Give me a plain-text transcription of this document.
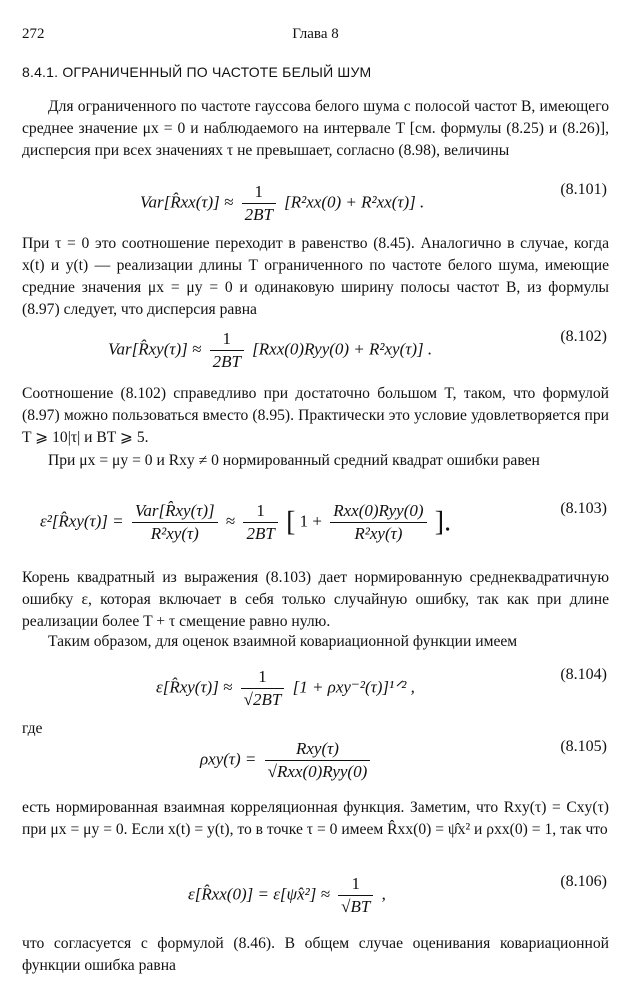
272	Глава 8
8.4.1. ОГРАНИЧЕННЫЙ ПО ЧАСТОТЕ БЕЛЫЙ ШУМ

Для ограниченного по частоте гауссова белого шума с полосой частот B, имеющего среднее значение μx = 0 и наблюдаемого на интервале T [см. формулы (8.25) и (8.26)], дисперсия при всех значениях τ не превышает, согласно (8.98), величины

Var[R̂xx(τ)] ≈ $\frac{1}{2BT} [R^2xx(0) + R^2xx(\tau)]$ .
(8.101)

При τ = 0 это соотношение переходит в равенство (8.45). Аналогично в случае, когда x(t) и y(t) — реализации длины T ограниченного по частоте белого шума, имеющие средние значения μx = μy = 0 и одинаковую ширину полосы частот B, из формулы (8.97) следует, что дисперсия равна

Var[R̂xy(τ)] ≈ $\frac{1}{2BT} [Rxx(0)Ryy(0) + R^2xy(\tau)]$ .
(8.102)

Соотношение (8.102) справедливо при достаточно большом T, таком, что формулой (8.97) можно пользоваться вместо (8.95). Практически это условие удовлетворяется при T ⩾ 10|τ| и BT ⩾ 5.

При μx = μy = 0 и Rxy ≠ 0 нормированный средний квадрат ошибки равен

ε²[R̂xy(τ)] = $\frac{\text{Var[R̂xy(τ)]}}{\text{R²xy(τ)}} \approx \frac{1}{2BT}$ [ $1 + \frac{\text{Rxx(0)Ryy(0)}}{\text{R²xy(τ)}}$ ].	(8.103)

Корень квадратный из выражения (8.103) дает нормированную среднеквадратичную ошибку ε, которая включает в себя только случайную ошибку, так как при длине реализации более T + τ смещение равно нулю.

Таким образом, для оценок взаимной ковариационной функции имеем

ε[R̂xy(τ)] ≈ $\frac{1}{√2BT} [1$ + ρxy⁻²(τ)]¹ᐟ² ,
(8.104)

где

$\rho xy(\tau) = \frac{\text{Rxy(τ)}}{\text{√Rxx(0)Ryy(0)}}$	(8.105)

есть нормированная взаимная корреляционная функция. Заметим, что Rxy(τ) = Cxy(τ) при μx = μy = 0. Если x(t) = y(t), то в точке τ = 0 имеем R̂xx(0) = ψ̂x² и ρxx(0) = 1, так что

ε[R̂xx(0)] = ε[ψ̂x²] ≈ $\frac{1}{√BT}$ ,
(8.106)

что согласуется с формулой (8.46). В общем случае оценивания ковариационной функции ошибка равна
